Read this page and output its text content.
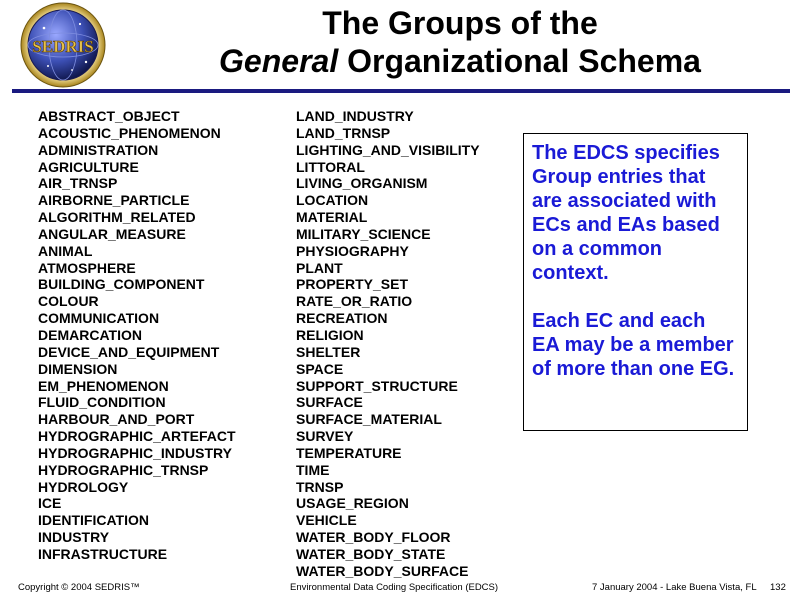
SEDRIS
The Groups of the
General Organizational Schema
ABSTRACT_OBJECT
ACOUSTIC_PHENOMENON
ADMINISTRATION
AGRICULTURE
AIR_TRNSP
AIRBORNE_PARTICLE
ALGORITHM_RELATED
ANGULAR_MEASURE
ANIMAL
ATMOSPHERE
BUILDING_COMPONENT
COLOUR
COMMUNICATION
DEMARCATION
DEVICE_AND_EQUIPMENT
DIMENSION
EM_PHENOMENON
FLUID_CONDITION
HARBOUR_AND_PORT
HYDROGRAPHIC_ARTEFACT
HYDROGRAPHIC_INDUSTRY
HYDROGRAPHIC_TRNSP
HYDROLOGY
ICE
IDENTIFICATION
INDUSTRY
INFRASTRUCTURE
LAND_INDUSTRY
LAND_TRNSP
LIGHTING_AND_VISIBILITY
LITTORAL
LIVING_ORGANISM
LOCATION
MATERIAL
MILITARY_SCIENCE
PHYSIOGRAPHY
PLANT
PROPERTY_SET
RATE_OR_RATIO
RECREATION
RELIGION
SHELTER
SPACE
SUPPORT_STRUCTURE
SURFACE
SURFACE_MATERIAL
SURVEY
TEMPERATURE
TIME
TRNSP
USAGE_REGION
VEHICLE
WATER_BODY_FLOOR
WATER_BODY_STATE
WATER_BODY_SURFACE

The EDCS specifies Group entries that are associated with ECs and EAs based on a common context.

Each EC and each EA may be a member of more than one EG.

Copyright © 2004 SEDRIS™	Environmental Data Coding Specification (EDCS)	7 January 2004 - Lake Buena Vista, FL 132
